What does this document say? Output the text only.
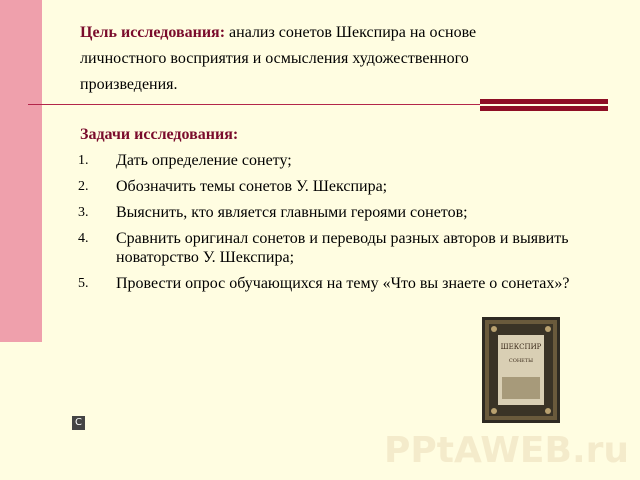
Цель исследования: анализ сонетов Шекспира на основе личностного восприятия и осмысления художественного произведения.
Задачи исследования:
1.	Дать определение сонету;
2.	Обозначить темы сонетов У. Шекспира;
3.	Выяснить, кто является главными героями сонетов;
4.	Сравнить оригинал сонетов и переводы разных авторов и выявить новаторство У. Шекспира;
5.	Провести опрос обучающихся на тему «Что вы знаете о сонетах»?
ШЕКСПИР
СОНЕТЫ
C
PPtAWEB.ru
